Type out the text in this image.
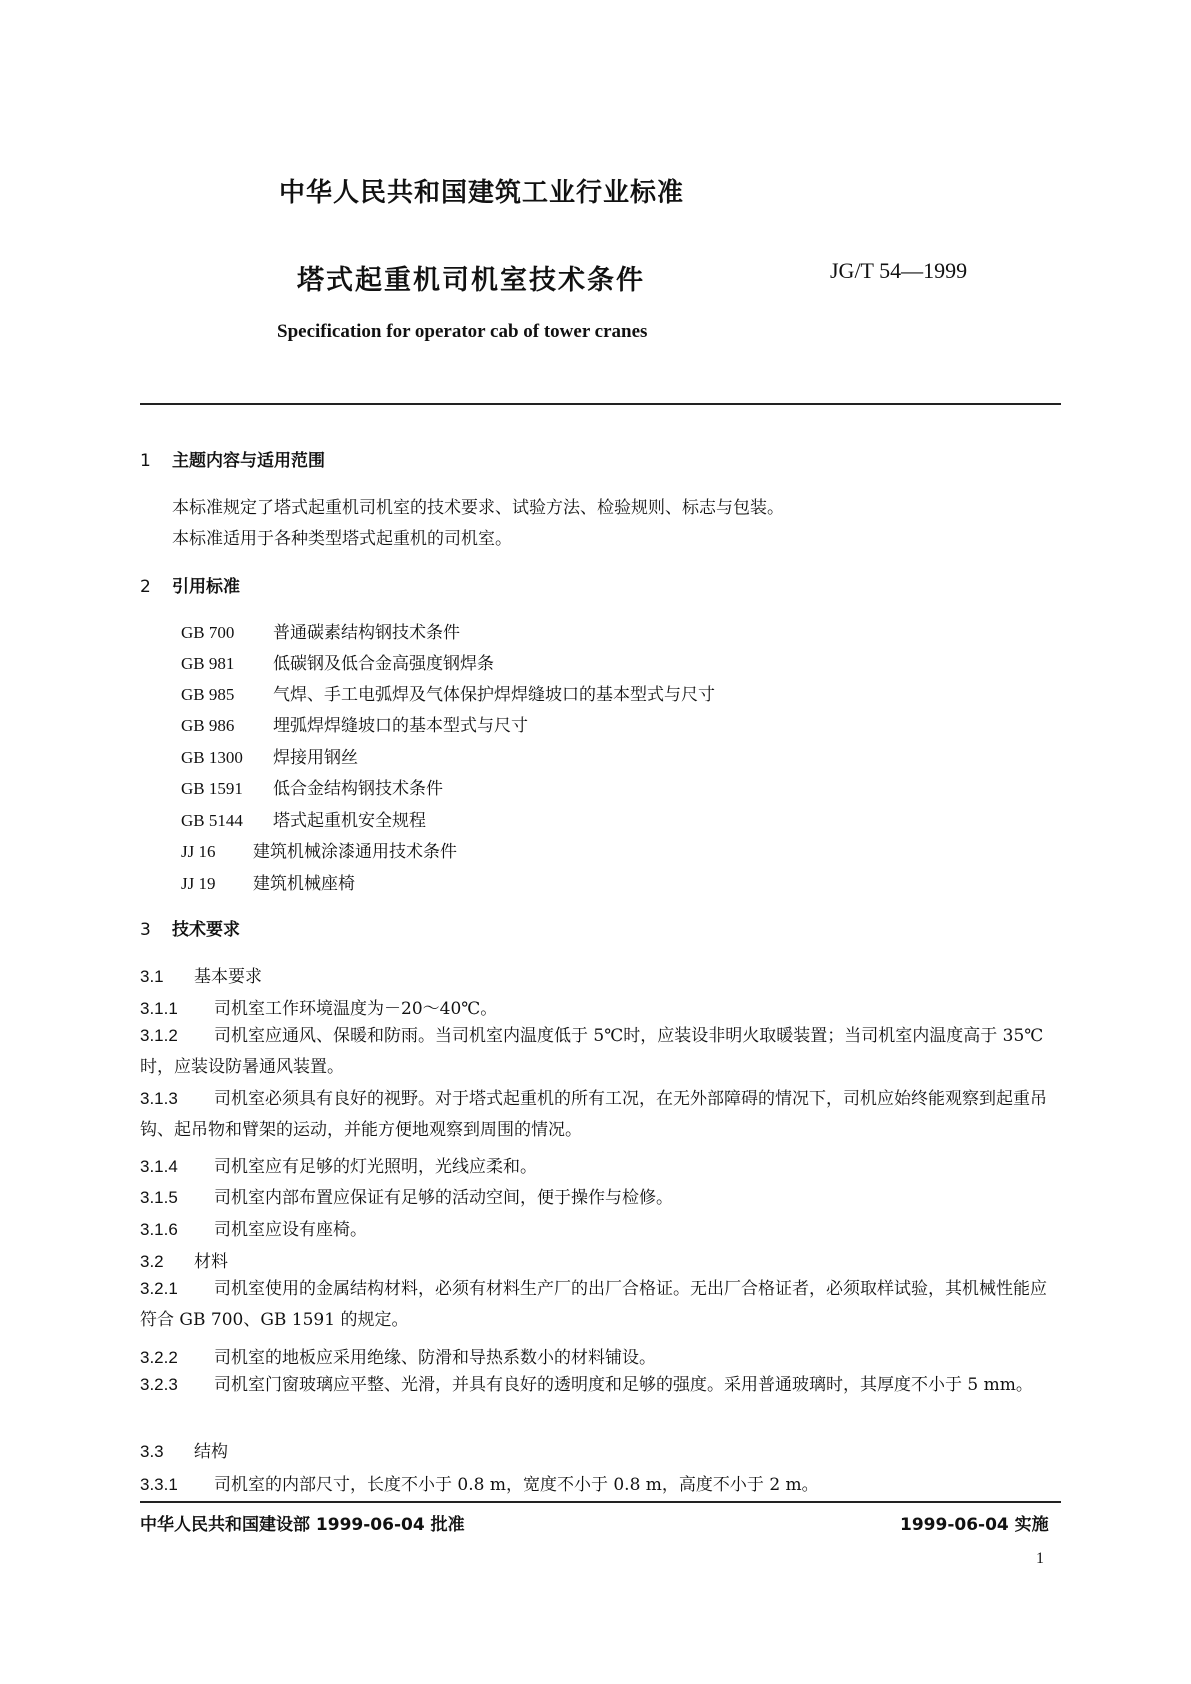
中华人民共和国建筑工业行业标准
塔式起重机司机室技术条件	JG/T 54—1999
Specification for operator cab of tower cranes
1 主题内容与适用范围
本标准规定了塔式起重机司机室的技术要求、试验方法、检验规则、标志与包装。
本标准适用于各种类型塔式起重机的司机室。
2 引用标准
GB 700 普通碳素结构钢技术条件
GB 981 低碳钢及低合金高强度钢焊条
GB 985 气焊、手工电弧焊及气体保护焊焊缝坡口的基本型式与尺寸
GB 986 埋弧焊焊缝坡口的基本型式与尺寸
GB 1300 焊接用钢丝
GB 1591 低合金结构钢技术条件
GB 5144 塔式起重机安全规程
JJ 16 建筑机械涂漆通用技术条件
JJ 19 建筑机械座椅
3 技术要求
3.1 基本要求
3.1.1 司机室工作环境温度为－20～40℃。
3.1.2 司机室应通风、保暖和防雨。当司机室内温度低于 5℃时，应装设非明火取暖装置；当司机室内温度高于 35℃时，应装设防暑通风装置。
3.1.3 司机室必须具有良好的视野。对于塔式起重机的所有工况，在无外部障碍的情况下，司机应始终能观察到起重吊钩、起吊物和臂架的运动，并能方便地观察到周围的情况。
3.1.4 司机室应有足够的灯光照明，光线应柔和。
3.1.5 司机室内部布置应保证有足够的活动空间，便于操作与检修。
3.1.6 司机室应设有座椅。
3.2 材料
3.2.1 司机室使用的金属结构材料，必须有材料生产厂的出厂合格证。无出厂合格证者，必须取样试验，其机械性能应符合 GB 700、GB 1591 的规定。
3.2.2 司机室的地板应采用绝缘、防滑和导热系数小的材料铺设。
3.2.3 司机室门窗玻璃应平整、光滑，并具有良好的透明度和足够的强度。采用普通玻璃时，其厚度不小于 5 mm。
3.3 结构
3.3.1 司机室的内部尺寸，长度不小于 0.8 m，宽度不小于 0.8 m，高度不小于 2 m。
中华人民共和国建设部 1999-06-04 批准	1999-06-04 实施
1
